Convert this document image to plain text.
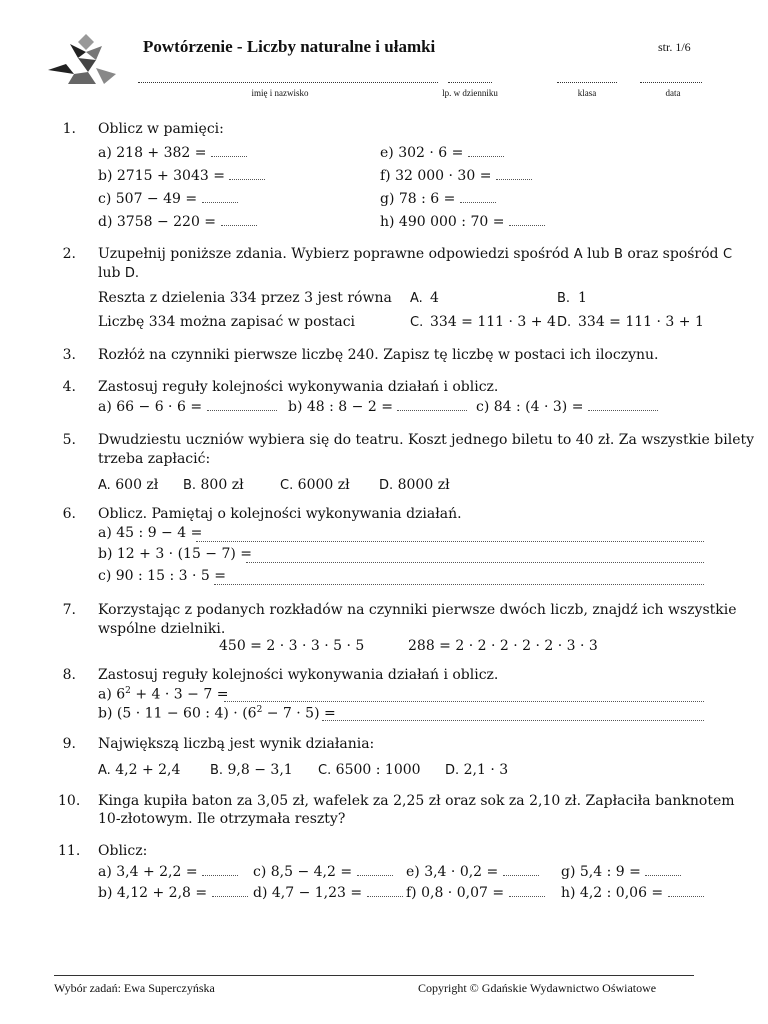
Powtórzenie - Liczby naturalne i ułamki	str. 1/6
imię i nazwisko	lp. w dzienniku	klasa	data
1. Oblicz w pamięci:
a) 218 + 382 =
b) 2715 + 3043 =
c) 507 − 49 =
d) 3758 − 220 =
e) 302 · 6 =
f) 32 000 · 30 =
g) 78 : 6 =
h) 490 000 : 70 =
2. Uzupełnij poniższe zdania. Wybierz poprawne odpowiedzi spośród A lub B oraz spośród C
lub D.
Reszta z dzielenia 334 przez 3 jest równa A. 4	B. 1
Liczbę 334 można zapisać w postaci	C. 334 = 111 · 3 + 4 D. 334 = 111 · 3 + 1
3. Rozłóż na czynniki pierwsze liczbę 240. Zapisz tę liczbę w postaci ich iloczynu.
4. Zastosuj reguły kolejności wykonywania działań i oblicz.
a) 66 − 6 · 6 =	b) 48 : 8 − 2 =	c) 84 : (4 · 3) =
5. Dwudziestu uczniów wybiera się do teatru. Koszt jednego biletu to 40 zł. Za wszystkie bilety
trzeba zapłacić:
A. 600 zł B. 800 zł	C. 6000 zł D. 8000 zł
6. Oblicz. Pamiętaj o kolejności wykonywania działań.
a) 45 : 9 − 4 =
b) 12 + 3 · (15 − 7) =
c) 90 : 15 : 3 · 5 =
7. Korzystając z podanych rozkładów na czynniki pierwsze dwóch liczb, znajdź ich wszystkie
wspólne dzielniki.
450 = 2 · 3 · 3 · 5 · 5	288 = 2 · 2 · 2 · 2 · 2 · 3 · 3
8. Zastosuj reguły kolejności wykonywania działań i oblicz.
a) $6^2 + 4 \cdot 3 - 7$ =
b) (5 · 11 − 60 : $4) \cdot (6^2 - 7 \cdot 5)$ =
9. Największą liczbą jest wynik działania:
A. 4,2 + 2,4 B. 9,8 − 3,1 C. 6500 : 1000 D. 2,1 · 3
10. Kinga kupiła baton za 3,05 zł, wafelek za 2,25 zł oraz sok za 2,10 zł. Zapłaciła banknotem
10-złotowym. Ile otrzymała reszty?
11. Oblicz:
a) 3,4 + 2,2 =
b) 4,12 + 2,8 =
c) 8,5 − 4,2 =
d) 4,7 − 1,23 =
e) 3,4 · 0,2 =
f) 0,8 · 0,07 =
g) 5,4 : 9 =
h) 4,2 : 0,06 =
Wybór zadań: Ewa Superczyńska	Copyright © Gdańskie Wydawnictwo Oświatowe
